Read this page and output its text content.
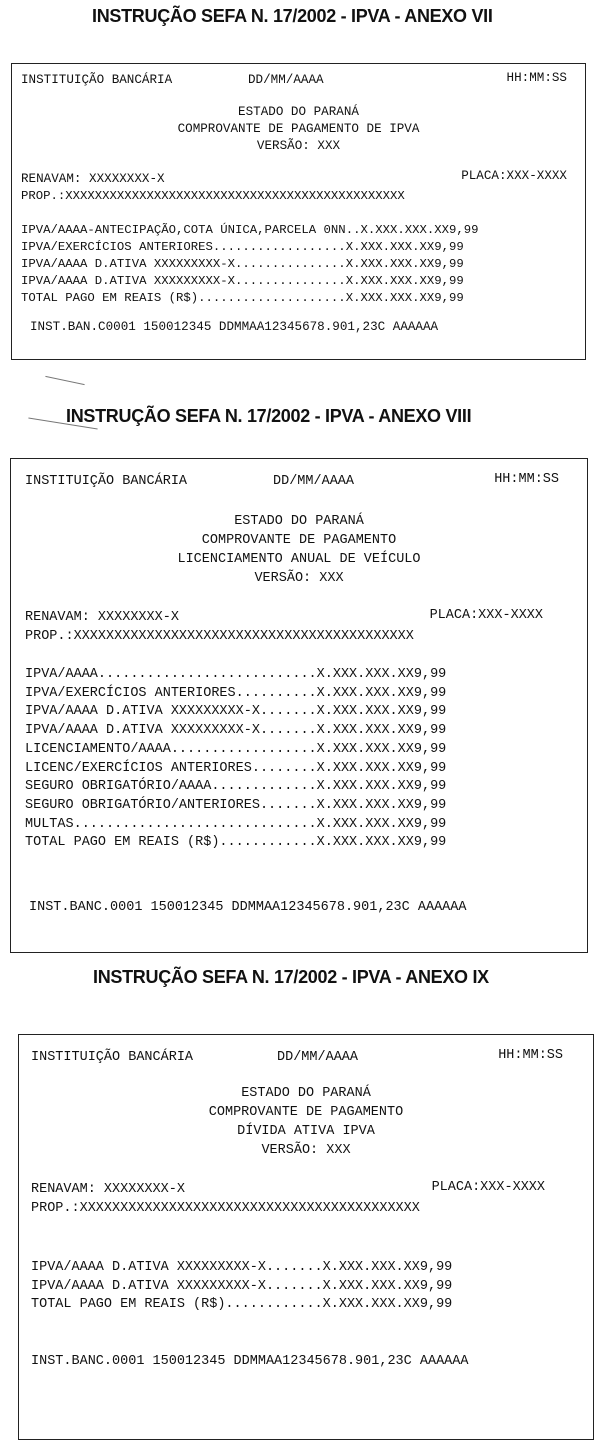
INSTRUÇÃO SEFA N. 17/2002 - IPVA - ANEXO VII
INSTITUIÇÃO BANCÁRIA	DD/MM/AAAA	HH:MM:SS
ESTADO DO PARANÁ
COMPROVANTE DE PAGAMENTO DE IPVA
VERSÃO: XXX
RENAVAM: XXXXXXXX-X	PLACA:XXX-XXXX
PROP.:XXXXXXXXXXXXXXXXXXXXXXXXXXXXXXXXXXXXXXXXXXXXXX
IPVA/AAAA-ANTECIPAÇÃO,COTA ÚNICA,PARCELA 0NN..X.XXX.XXX.XX9,99
IPVA/EXERCÍCIOS ANTERIORES..................X.XXX.XXX.XX9,99
IPVA/AAAA D.ATIVA XXXXXXXXX-X...............X.XXX.XXX.XX9,99
IPVA/AAAA D.ATIVA XXXXXXXXX-X...............X.XXX.XXX.XX9,99
TOTAL PAGO EM REAIS (R$)....................X.XXX.XXX.XX9,99
INST.BAN.C0001 150012345 DDMMAA12345678.901,23C AAAAAA
INSTRUÇÃO SEFA N. 17/2002 - IPVA - ANEXO VIII
INSTITUIÇÃO BANCÁRIA	DD/MM/AAAA	HH:MM:SS
ESTADO DO PARANÁ
COMPROVANTE DE PAGAMENTO
LICENCIAMENTO ANUAL DE VEÍCULO
VERSÃO: XXX
RENAVAM: XXXXXXXX-X	PLACA:XXX-XXXX
PROP.:XXXXXXXXXXXXXXXXXXXXXXXXXXXXXXXXXXXXXXXXXX
IPVA/AAAA...........................X.XXX.XXX.XX9,99
IPVA/EXERCÍCIOS ANTERIORES..........X.XXX.XXX.XX9,99
IPVA/AAAA D.ATIVA XXXXXXXXX-X.......X.XXX.XXX.XX9,99
IPVA/AAAA D.ATIVA XXXXXXXXX-X.......X.XXX.XXX.XX9,99
LICENCIAMENTO/AAAA..................X.XXX.XXX.XX9,99
LICENC/EXERCÍCIOS ANTERIORES........X.XXX.XXX.XX9,99
SEGURO OBRIGATÓRIO/AAAA.............X.XXX.XXX.XX9,99
SEGURO OBRIGATÓRIO/ANTERIORES.......X.XXX.XXX.XX9,99
MULTAS..............................X.XXX.XXX.XX9,99
TOTAL PAGO EM REAIS (R$)............X.XXX.XXX.XX9,99
INST.BANC.0001 150012345 DDMMAA12345678.901,23C AAAAAA
INSTRUÇÃO SEFA N. 17/2002 - IPVA - ANEXO IX
INSTITUIÇÃO BANCÁRIA	DD/MM/AAAA	HH:MM:SS
ESTADO DO PARANÁ
COMPROVANTE DE PAGAMENTO
DÍVIDA ATIVA IPVA
VERSÃO: XXX
RENAVAM: XXXXXXXX-X	PLACA:XXX-XXXX
PROP.:XXXXXXXXXXXXXXXXXXXXXXXXXXXXXXXXXXXXXXXXXX
IPVA/AAAA D.ATIVA XXXXXXXXX-X.......X.XXX.XXX.XX9,99
IPVA/AAAA D.ATIVA XXXXXXXXX-X.......X.XXX.XXX.XX9,99
TOTAL PAGO EM REAIS (R$)............X.XXX.XXX.XX9,99
INST.BANC.0001 150012345 DDMMAA12345678.901,23C AAAAAA
